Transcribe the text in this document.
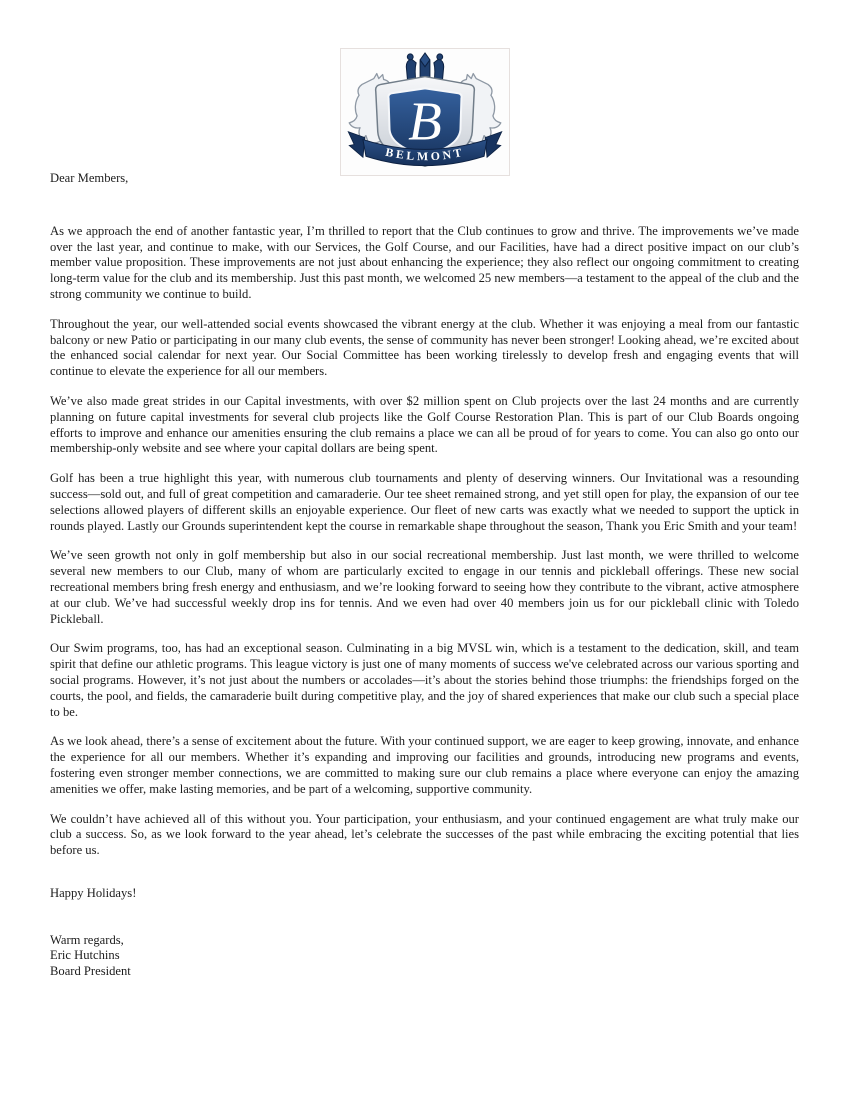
B
BELMONT

Dear Members,

As we approach the end of another fantastic year, I’m thrilled to report that the Club continues to grow and thrive. The improvements we’ve made over the last year, and continue to make, with our Services, the Golf Course, and our Facilities, have had a direct positive impact on our club’s member value proposition. These improvements are not just about enhancing the experience; they also reflect our ongoing commitment to creating long-term value for the club and its membership. Just this past month, we welcomed 25 new members—a testament to the appeal of the club and the strong community we continue to build.

Throughout the year, our well-attended social events showcased the vibrant energy at the club. Whether it was enjoying a meal from our fantastic balcony or new Patio or participating in our many club events, the sense of community has never been stronger! Looking ahead, we’re excited about the enhanced social calendar for next year. Our Social Committee has been working tirelessly to develop fresh and engaging events that will continue to elevate the experience for all our members.

We’ve also made great strides in our Capital investments, with over $2 million spent on Club projects over the last 24 months and are currently planning on future capital investments for several club projects like the Golf Course Restoration Plan. This is part of our Club Boards ongoing efforts to improve and enhance our amenities ensuring the club remains a place we can all be proud of for years to come. You can also go onto our membership-only website and see where your capital dollars are being spent.

Golf has been a true highlight this year, with numerous club tournaments and plenty of deserving winners. Our Invitational was a resounding success—sold out, and full of great competition and camaraderie. Our tee sheet remained strong, and yet still open for play, the expansion of our tee selections allowed players of different skills an enjoyable experience. Our fleet of new carts was exactly what we needed to support the uptick in rounds played. Lastly our Grounds superintendent kept the course in remarkable shape throughout the season, Thank you Eric Smith and your team!

We’ve seen growth not only in golf membership but also in our social recreational membership. Just last month, we were thrilled to welcome several new members to our Club, many of whom are particularly excited to engage in our tennis and pickleball offerings. These new social recreational members bring fresh energy and enthusiasm, and we’re looking forward to seeing how they contribute to the vibrant, active atmosphere at our club. We’ve had successful weekly drop ins for tennis. And we even had over 40 members join us for our pickleball clinic with Toledo Pickleball.

Our Swim programs, too, has had an exceptional season. Culminating in a big MVSL win, which is a testament to the dedication, skill, and team spirit that define our athletic programs. This league victory is just one of many moments of success we've celebrated across our various sporting and social programs. However, it’s not just about the numbers or accolades—it’s about the stories behind those triumphs: the friendships forged on the courts, the pool, and fields, the camaraderie built during competitive play, and the joy of shared experiences that make our club such a special place to be.

As we look ahead, there’s a sense of excitement about the future. With your continued support, we are eager to keep growing, innovate, and enhance the experience for all our members. Whether it’s expanding and improving our facilities and grounds, introducing new programs and events, fostering even stronger member connections, we are committed to making sure our club remains a place where everyone can enjoy the amazing amenities we offer, make lasting memories, and be part of a welcoming, supportive community.

We couldn’t have achieved all of this without you. Your participation, your enthusiasm, and your continued engagement are what truly make our club a success. So, as we look forward to the year ahead, let’s celebrate the successes of the past while embracing the exciting potential that lies before us.

Happy Holidays!

Warm regards,

Eric Hutchins

Board President
